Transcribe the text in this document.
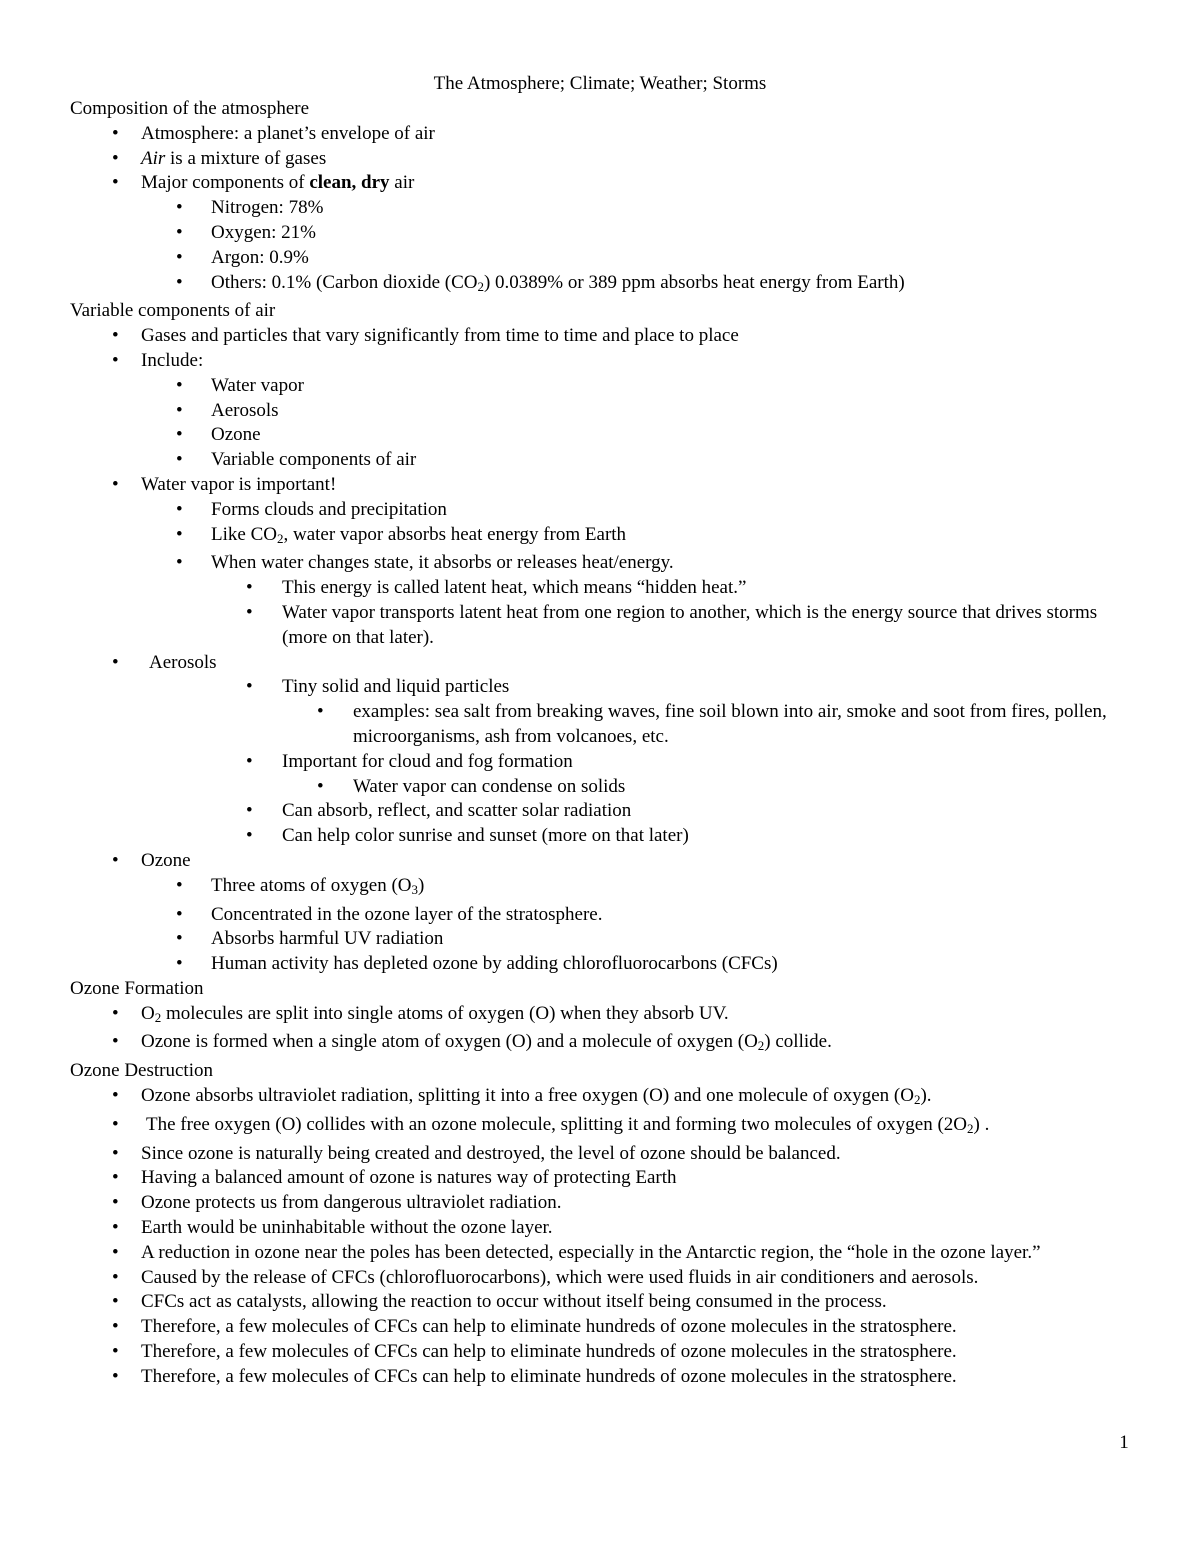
The Atmosphere; Climate; Weather; Storms
Composition of the atmosphere
• Atmosphere: a planet’s envelope of air
• Air is a mixture of gases
• Major components of clean, dry air
• Nitrogen: 78%
• Oxygen: 21%
• Argon: 0.9%
• Others: 0.1% (Carbon dioxide (CO2) 0.0389% or 389 ppm absorbs heat energy from Earth)
Variable components of air
• Gases and particles that vary significantly from time to time and place to place
• Include:
• Water vapor
• Aerosols
• Ozone
• Variable components of air
• Water vapor is important!
• Forms clouds and precipitation
• Like CO2, water vapor absorbs heat energy from Earth
• When water changes state, it absorbs or releases heat/energy.
• This energy is called latent heat, which means “hidden heat.”
• Water vapor transports latent heat from one region to another, which is the energy source that drives storms (more on that later).
• Aerosols
• Tiny solid and liquid particles
• examples: sea salt from breaking waves, fine soil blown into air, smoke and soot from fires, pollen, microorganisms, ash from volcanoes, etc.
• Important for cloud and fog formation
• Water vapor can condense on solids
• Can absorb, reflect, and scatter solar radiation
• Can help color sunrise and sunset (more on that later)
• Ozone
• Three atoms of oxygen (O3)
• Concentrated in the ozone layer of the stratosphere.
• Absorbs harmful UV radiation
• Human activity has depleted ozone by adding chlorofluorocarbons (CFCs)
Ozone Formation
• O2 molecules are split into single atoms of oxygen (O) when they absorb UV.
• Ozone is formed when a single atom of oxygen (O) and a molecule of oxygen (O2) collide.
Ozone Destruction
• Ozone absorbs ultraviolet radiation, splitting it into a free oxygen (O) and one molecule of oxygen (O2).
• The free oxygen (O) collides with an ozone molecule, splitting it and forming two molecules of oxygen (2O2) .
• Since ozone is naturally being created and destroyed, the level of ozone should be balanced.
• Having a balanced amount of ozone is natures way of protecting Earth
• Ozone protects us from dangerous ultraviolet radiation.
• Earth would be uninhabitable without the ozone layer.
• A reduction in ozone near the poles has been detected, especially in the Antarctic region, the “hole in the ozone layer.”
• Caused by the release of CFCs (chlorofluorocarbons), which were used fluids in air conditioners and aerosols.
• CFCs act as catalysts, allowing the reaction to occur without itself being consumed in the process.
• Therefore, a few molecules of CFCs can help to eliminate hundreds of ozone molecules in the stratosphere.
• Therefore, a few molecules of CFCs can help to eliminate hundreds of ozone molecules in the stratosphere.
• Therefore, a few molecules of CFCs can help to eliminate hundreds of ozone molecules in the stratosphere.
1
